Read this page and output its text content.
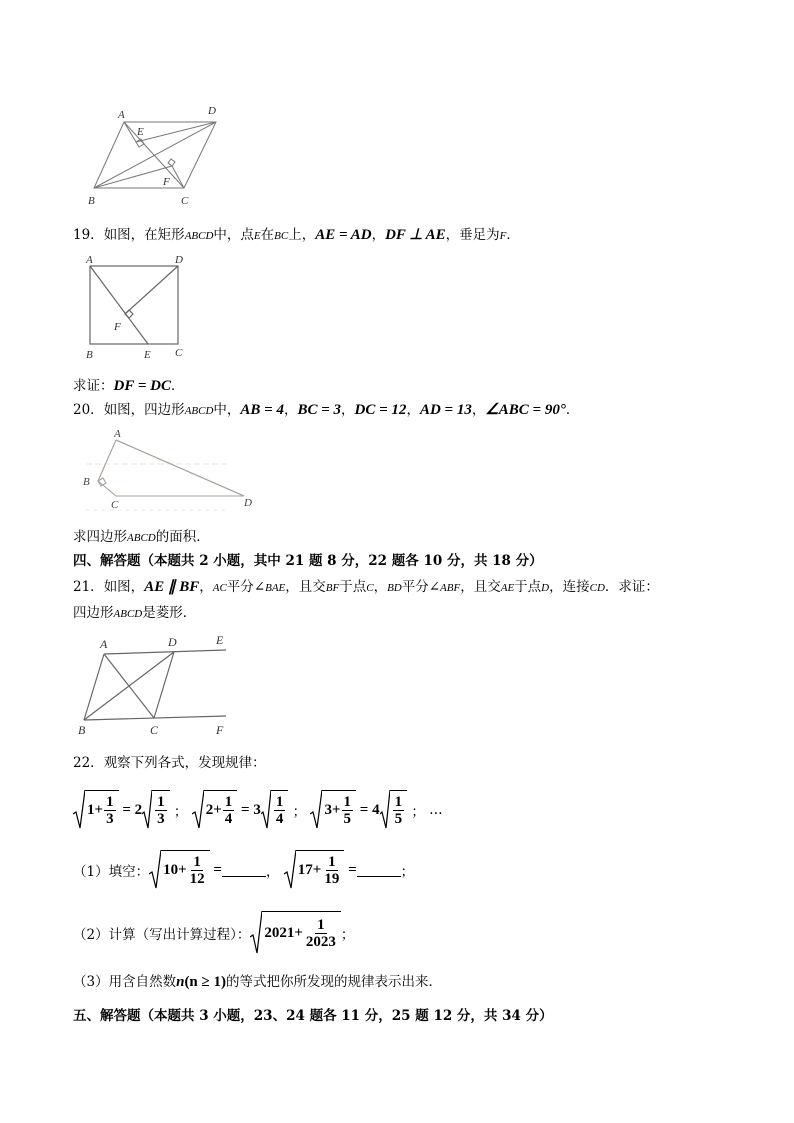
A	D
E
F
B	C
19．如图，在矩形ABCD中，点E在BC上，AE = AD，DF ⊥ AE，垂足为F．
A	D
F
B	E C
求证：DF = DC．
20．如图，四边形ABCD中，AB = 4，BC = 3，DC = 12，AD = 13，∠ABC = 90°．
A
B
C	D
求四边形ABCD的面积．
四、解答题（本题共 2 小题，其中 21 题 8 分，22 题各 10 分，共 18 分）
21．如图，AE ∥ BF，AC平分∠BAE，且交BF于点C，BD平分∠ABF，且交AE于点D，连接CD．求证：
四边形ABCD是菱形．
A	D	E
B	C	F
22．观察下列各式，发现规律：
$1 + \frac{1}{3} = 2 \frac{1}{3}$
；
$2 + \frac{1}{4} = 3 \frac{1}{4}$
；
$3 + \frac{1}{5} = 4 \frac{1}{5}$
；
…
（1）填空： $10 + \frac{1}{12}$ =	，
$17 + \frac{1}{19}$ =	；
（2）计算（写出计算过程）： $2021 + \frac{1}{2023}$ ；
（3）用含自然数n(n ≥ 1)的等式把你所发现的规律表示出来．
五、解答题（本题共 3 小题，23、24 题各 11 分，25 题 12 分，共 34 分）
